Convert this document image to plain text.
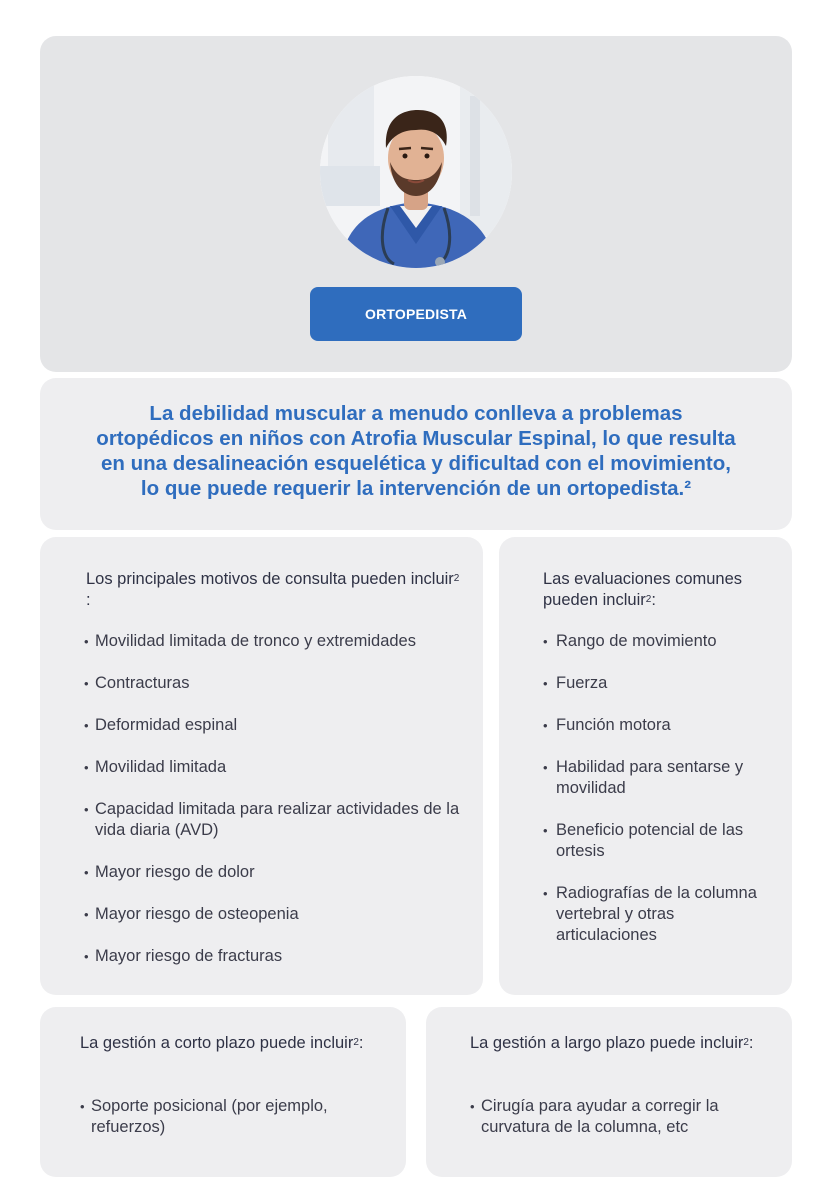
ORTOPEDISTA

La debilidad muscular a menudo conlleva a problemas
ortopédicos en niños con Atrofia Muscular Espinal, lo que resulta
en una desalineación esquelética y dificultad con el movimiento,
lo que puede requerir la intervención de un ortopedista.²

Los principales motivos de consulta pueden incluir$^2$ :

• Movilidad limitada de tronco y extremidades
• Contracturas
• Deformidad espinal
• Movilidad limitada
• Capacidad limitada para realizar actividades de la vida diaria (AVD)
• Mayor riesgo de dolor
• Mayor riesgo de osteopenia
• Mayor riesgo de fracturas

Las evaluaciones comunes pueden incluir$^2$:

• Rango de movimiento
• Fuerza
• Función motora
• Habilidad para sentarse y movilidad
• Beneficio potencial de las ortesis
• Radiografías de la columna vertebral y otras articulaciones

La gestión a corto plazo puede incluir$^2$:

• Soporte posicional (por ejemplo, refuerzos)

La gestión a largo plazo puede incluir$^2$:

• Cirugía para ayudar a corregir la curvatura de la columna, etc
